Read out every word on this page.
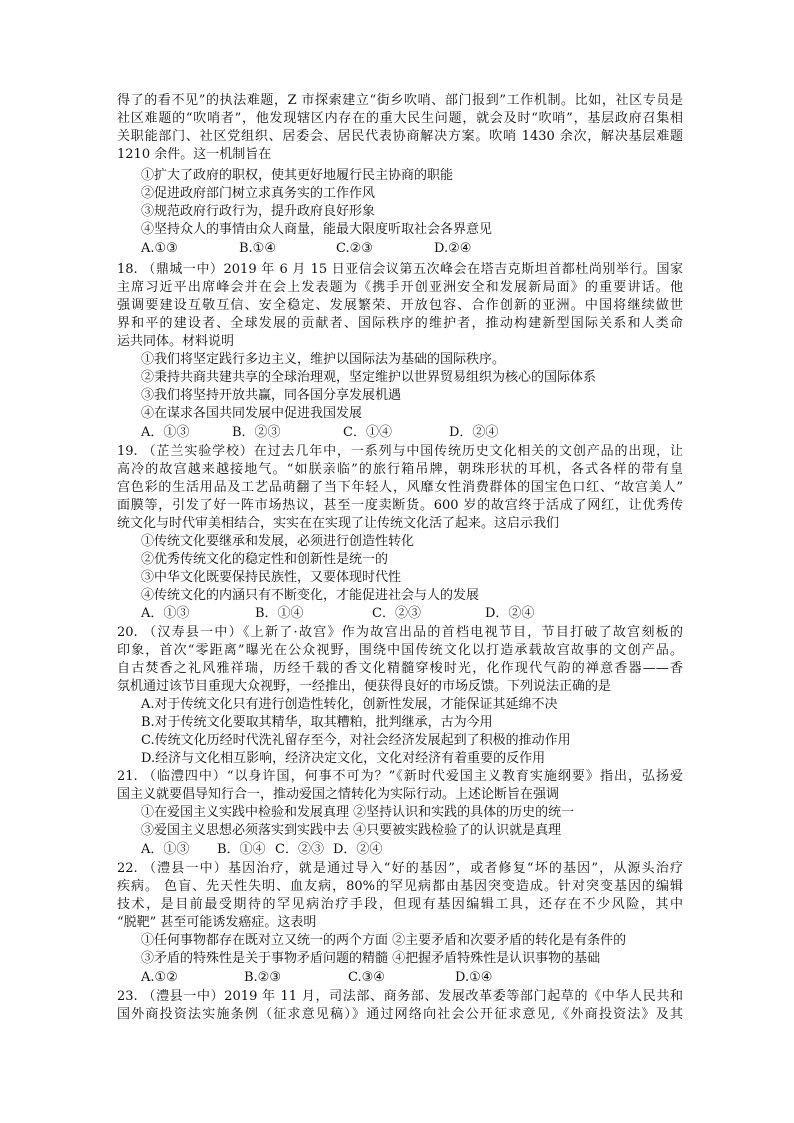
得了的看不见”的执法难题，Z 市探索建立“街乡吹哨、部门报到”工作机制。比如，社区专员是
社区难题的“吹哨者”，他发现辖区内存在的重大民生问题，就会及时“吹哨”，基层政府召集相
关职能部门、社区党组织、居委会、居民代表协商解决方案。吹哨 1430 余次，解决基层难题
1210 余件。这一机制旨在
①扩大了政府的职权，使其更好地履行民主协商的职能
②促进政府部门树立求真务实的工作作风
③规范政府行政行为，提升政府良好形象
④坚持众人的事情由众人商量，能最大限度听取社会各界意见
A.①③	B.①④	C.②③	D.②④
18. （鼎城一中）2019 年 6 月 15 日亚信会议第五次峰会在塔吉克斯坦首都杜尚别举行。国家
主席习近平出席峰会并在会上发表题为《携手开创亚洲安全和发展新局面》的重要讲话。他
强调要建设互敬互信、安全稳定、发展繁荣、开放包容、合作创新的亚洲。中国将继续做世
界和平的建设者、全球发展的贡献者、国际秩序的维护者，推动构建新型国际关系和人类命
运共同体。材料说明
①我们将坚定践行多边主义，维护以国际法为基础的国际秩序。
②秉持共商共建共享的全球治理观，坚定维护以世界贸易组织为核心的国际体系
③我们将坚持开放共赢，同各国分享发展机遇
④在谋求各国共同发展中促进我国发展
A．①③	B．②③	C．①④	D．②④
19. （芷兰实验学校）在过去几年中，一系列与中国传统历史文化相关的文创产品的出现，让
高冷的故宫越来越接地气。“如朕亲临”的旅行箱吊牌，朝珠形状的耳机，各式各样的带有皇
宫色彩的生活用品及工艺品萌翻了当下年轻人，风靡女性消费群体的国宝色口红、“故宫美人”
面膜等，引发了好一阵市场热议，甚至一度卖断货。600 岁的故宫终于活成了网红，让优秀传
统文化与时代审美相结合，实实在在实现了让传统文化活了起来。这启示我们
①传统文化要继承和发展，必须进行创造性转化
②优秀传统文化的稳定性和创新性是统一的
③中华文化既要保持民族性，又要体现时代性
④传统文化的内涵只有不断变化，才能促进社会与人的发展
A．①③	B．①④	C．②③	D．②④
20. （汉寿县一中）《上新了·故宫》作为故宫出品的首档电视节目，节目打破了故宫刻板的
印象，首次“零距离”曝光在公众视野，围绕中国传统文化以打造承载故宫故事的文创产品。
自古焚香之礼风雅祥瑞，历经千载的香文化精髓穿梭时光，化作现代气韵的禅意香器——香
氛机通过该节目重现大众视野，一经推出，便获得良好的市场反馈。下列说法正确的是
A.对于传统文化只有进行创造性转化，创新性发展，才能保证其延绵不决
B.对于传统文化要取其精华，取其糟粕，批判继承，古为今用
C.传统文化历经时代洗礼留存至今，对社会经济发展起到了积极的推动作用
D.经济与文化相互影响，经济决定文化，文化对经济有着重要的反作用
21. （临澧四中）“以身许国，何事不可为？”《新时代爱国主义教育实施纲要》指出，弘扬爱
国主义就要倡导知行合一，推动爱国之情转化为实际行动。上述论断旨在强调
①在爱国主义实践中检验和发展真理 ②坚持认识和实践的具体的历史的统一
③爱国主义思想必须落实到实践中去 ④只要被实践检验了的认识就是真理
A．①③ B．①④ C．②③ D．②④
22. （澧县一中）基因治疗，就是通过导入“好的基因”，或者修复“坏的基因”，从源头治疗
疾病。 色盲、先天性失明、血友病，80%的罕见病都由基因突变造成。针对突变基因的编辑
技术，是目前最受期待的罕见病治疗手段，但现有基因编辑工具，还存在不少风险，其中
“脱靶” 甚至可能诱发癌症。这表明
①任何事物都存在既对立又统一的两个方面 ②主要矛盾和次要矛盾的转化是有条件的
③矛盾的特殊性是关于事物矛盾问题的精髓 ④把握矛盾特殊性是认识事物的基础
A.①②	B.②③	C.③④	D.①④
23. （澧县一中）2019 年 11 月，司法部、商务部、发展改革委等部门起草的《中华人民共和
国外商投资法实施条例（征求意见稿）》通过网络向社会公开征求意见,《外商投资法》及其
